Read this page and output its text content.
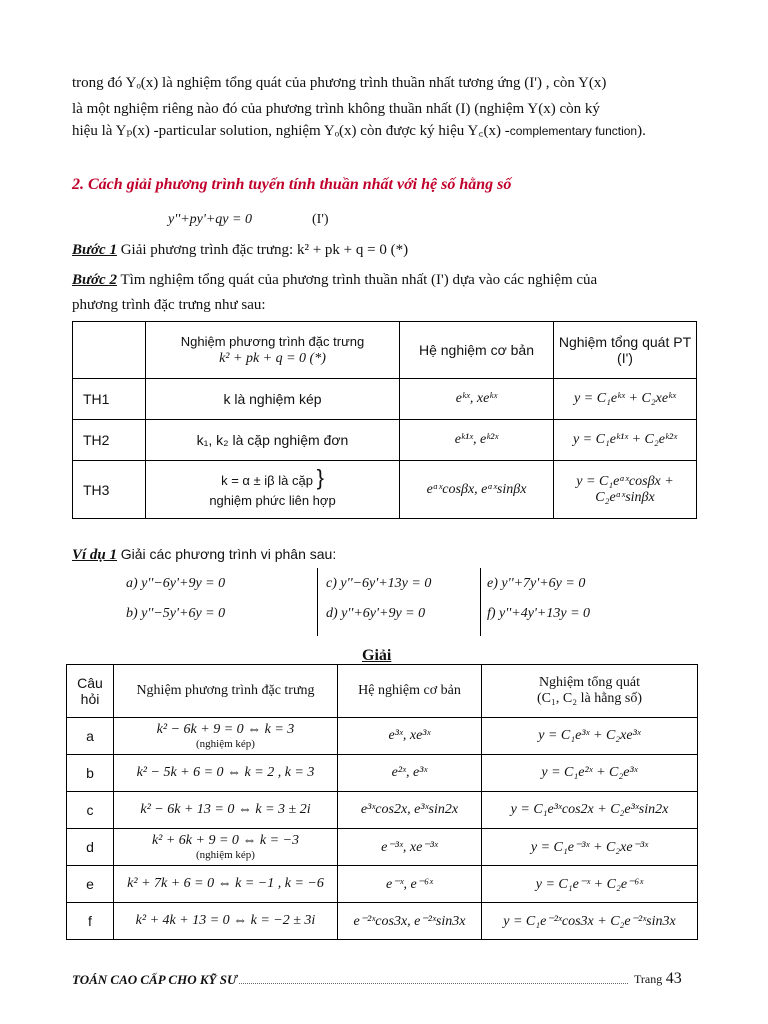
trong đó Yₒ(x) là nghiệm tổng quát của phương trình thuần nhất tương ứng (I') , còn Y(x)
là một nghiệm riêng nào đó của phương trình không thuần nhất (I) (nghiệm Y(x) còn ký
hiệu là Yₚ(x) -particular solution, nghiệm Yₒ(x) còn được ký hiệu Y꜀(x) -complementary function).
2. Cách giải phương trình tuyến tính thuần nhất với hệ số hằng số
y''+py'+qy = 0	(I')
Bước 1 Giải phương trình đặc trưng: k² + pk + q = 0 (*)
Bước 2 Tìm nghiệm tổng quát của phương trình thuần nhất (I') dựa vào các nghiệm của
phương trình đặc trưng như sau:
	Nghiệm phương trình đặc trưng
k² + pk + q = 0 (*)	Hệ nghiệm cơ bản	Nghiệm tổng quát PT (I')
TH1	k là nghiệm kép	eᵏˣ, xeᵏˣ	y = C₁eᵏˣ + C₂xeᵏˣ
TH2	k₁, k₂ là cặp nghiệm đơn	eᵏ¹ˣ, eᵏ²ˣ	y = C₁eᵏ¹ˣ + C₂eᵏ²ˣ
TH3	k = α ± iβ là cặp }
nghiệm phức liên hợp	eᵅˣcosβx, eᵅˣsinβx	y = C₁eᵅˣcosβx + C₂eᵅˣsinβx
Ví dụ 1 Giải các phương trình vi phân sau:
a) y''−6y'+9y = 0
b) y''−5y'+6y = 0
c) y''−6y'+13y = 0
d) y''+6y'+9y = 0
e) y''+7y'+6y = 0
f) y''+4y'+13y = 0
Giải
Câu hỏi	Nghiệm phương trình đặc trưng	Hệ nghiệm cơ bản	Nghiệm tổng quát
(C₁, C₂ là hằng số)
a	k² − 6k + 9 = 0 ⇔ k = 3
(nghiệm kép)	e³ˣ, xe³ˣ	y = C₁e³ˣ + C₂xe³ˣ
b	k² − 5k + 6 = 0 ⇔ k = 2 , k = 3	e²ˣ, e³ˣ	y = C₁e²ˣ + C₂e³ˣ
c	k² − 6k + 13 = 0 ⇔ k = 3 ± 2i	e³ˣcos2x, e³ˣsin2x	y = C₁e³ˣcos2x + C₂e³ˣsin2x
d	k² + 6k + 9 = 0 ⇔ k = −3
(nghiệm kép)	e⁻³ˣ, xe⁻³ˣ	y = C₁e⁻³ˣ + C₂xe⁻³ˣ
e	k² + 7k + 6 = 0 ⇔ k = −1 , k = −6	e⁻ˣ, e⁻⁶ˣ	y = C₁e⁻ˣ + C₂e⁻⁶ˣ
f	k² + 4k + 13 = 0 ⇔ k = −2 ± 3i	e⁻²ˣcos3x, e⁻²ˣsin3x	y = C₁e⁻²ˣcos3x + C₂e⁻²ˣsin3x
TOÁN CAO CẤP CHO KỸ SƯ	Trang 43
